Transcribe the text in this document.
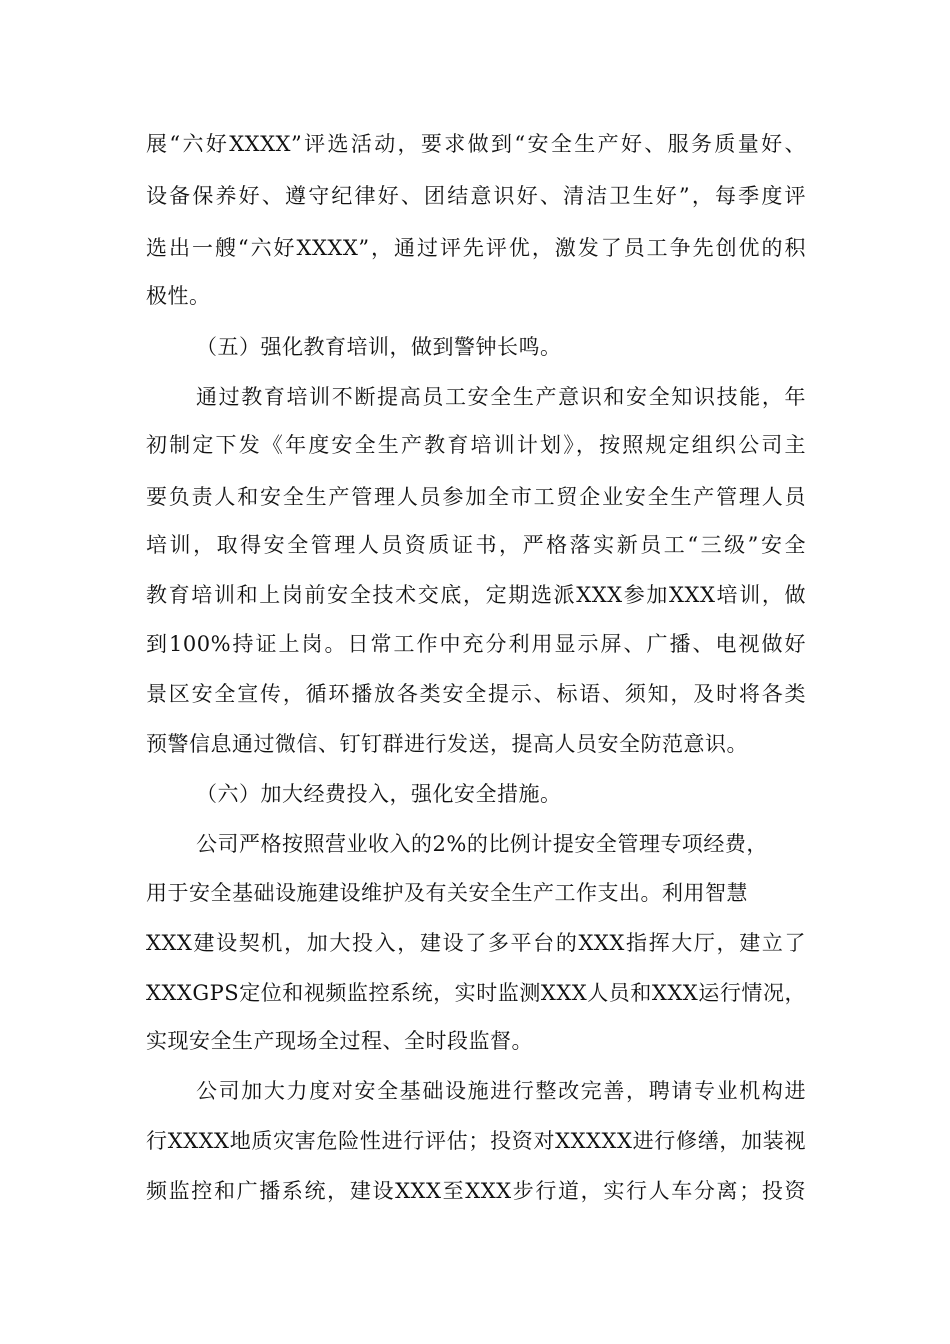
展“六好XXXX”评选活动，要求做到“安全生产好、服务质量好、
设备保养好、遵守纪律好、团结意识好、清洁卫生好”，每季度评
选出一艘“六好XXXX”，通过评先评优，激发了员工争先创优的积
极性。
（五）强化教育培训，做到警钟长鸣。
通过教育培训不断提高员工安全生产意识和安全知识技能，年
初制定下发《年度安全生产教育培训计划》，按照规定组织公司主
要负责人和安全生产管理人员参加全市工贸企业安全生产管理人员
培训，取得安全管理人员资质证书，严格落实新员工“三级”安全
教育培训和上岗前安全技术交底，定期选派XXX参加XXX培训，做
到100%持证上岗。日常工作中充分利用显示屏、广播、电视做好
景区安全宣传，循环播放各类安全提示、标语、须知，及时将各类
预警信息通过微信、钉钉群进行发送，提高人员安全防范意识。
（六）加大经费投入，强化安全措施。
公司严格按照营业收入的2%的比例计提安全管理专项经费，
用于安全基础设施建设维护及有关安全生产工作支出。利用智慧
XXX建设契机，加大投入，建设了多平台的XXX指挥大厅，建立了
XXXGPS定位和视频监控系统，实时监测XXX人员和XXX运行情况，
实现安全生产现场全过程、全时段监督。
公司加大力度对安全基础设施进行整改完善，聘请专业机构进
行XXXX地质灾害危险性进行评估；投资对XXXXX进行修缮，加装视
频监控和广播系统，建设XXX至XXX步行道，实行人车分离；投资
